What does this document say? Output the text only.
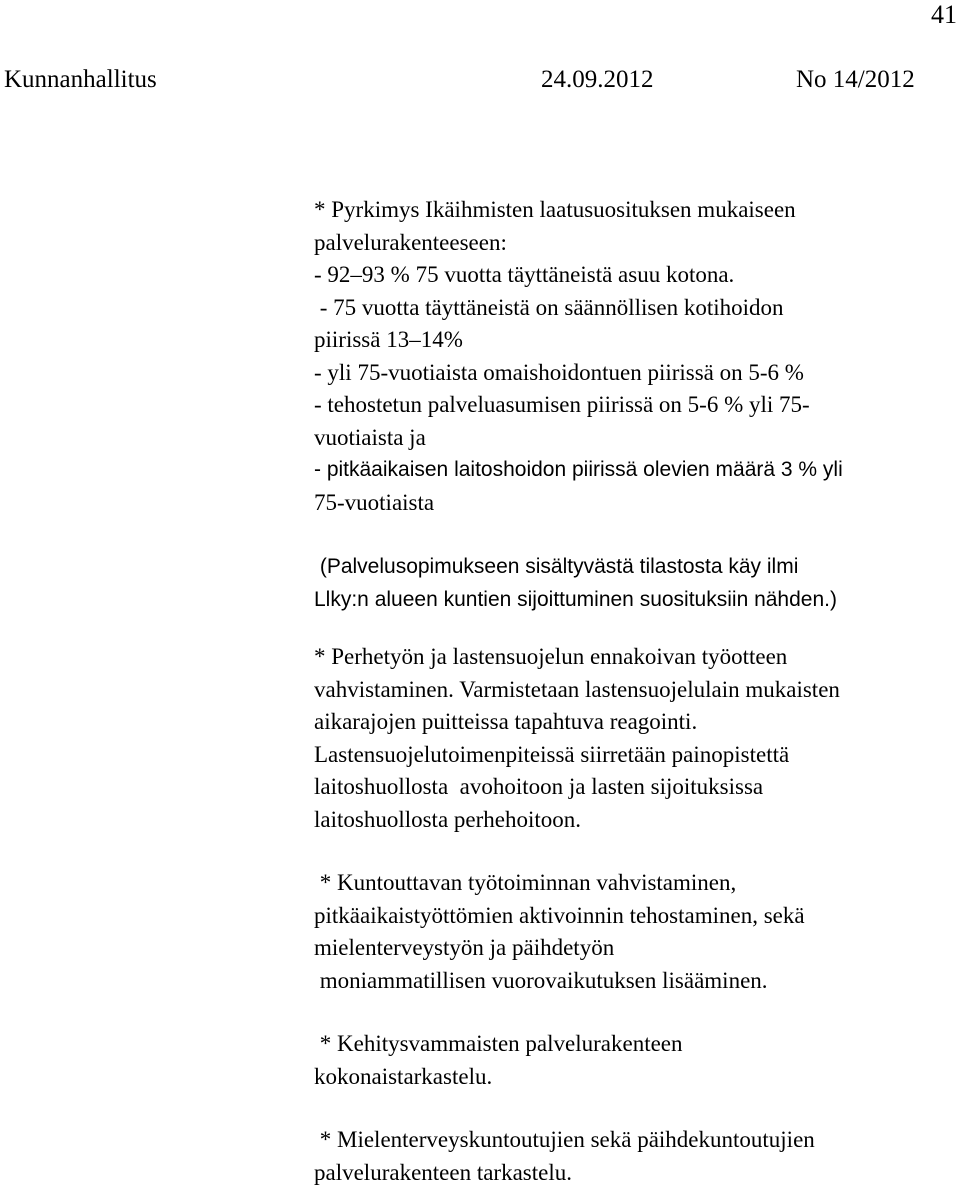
41
Kunnanhallitus	24.09.2012	No 14/2012
* Pyrkimys Ikäihmisten laatusuosituksen mukaiseen
palvelurakenteeseen:
- 92–93 % 75 vuotta täyttäneistä asuu kotona.
- 75 vuotta täyttäneistä on säännöllisen kotihoidon
piirissä 13–14%
- yli 75-vuotiaista omaishoidontuen piirissä on 5-6 %
- tehostetun palveluasumisen piirissä on 5-6 % yli 75-
vuotiaista ja
- pitkäaikaisen laitoshoidon piirissä olevien määrä 3 % yli
75-vuotiaista
(Palvelusopimukseen sisältyvästä tilastosta käy ilmi
Llky:n alueen kuntien sijoittuminen suosituksiin nähden.)
* Perhetyön ja lastensuojelun ennakoivan työotteen
vahvistaminen. Varmistetaan lastensuojelulain mukaisten
aikarajojen puitteissa tapahtuva reagointi.
Lastensuojelutoimenpiteissä siirretään painopistettä
laitoshuollosta  avohoitoon ja lasten sijoituksissa
laitoshuollosta perhehoitoon.
* Kuntouttavan työtoiminnan vahvistaminen,
pitkäaikaistyöttömien aktivoinnin tehostaminen, sekä
mielenterveystyön ja päihdetyön
moniammatillisen vuorovaikutuksen lisääminen.
* Kehitysvammaisten palvelurakenteen
kokonaistarkastelu.
* Mielenterveyskuntoutujien sekä päihdekuntoutujien
palvelurakenteen tarkastelu.
